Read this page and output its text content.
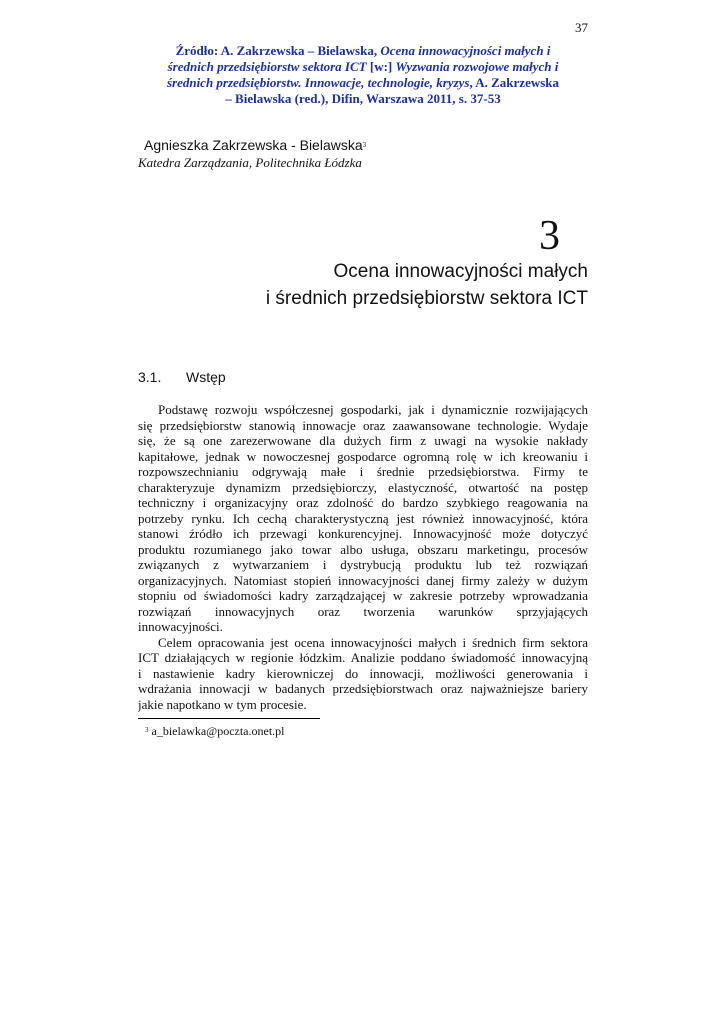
37
Źródło: A. Zakrzewska – Bielawska, Ocena innowacyjności małych i
średnich przedsiębiorstw sektora ICT [w:] Wyzwania rozwojowe małych i
średnich przedsiębiorstw. Innowacje, technologie, kryzys, A. Zakrzewska
– Bielawska (red.), Difin, Warszawa 2011, s. 37-53
Agnieszka Zakrzewska - Bielawska$^3$
Katedra Zarządzania, Politechnika Łódzka
3
Ocena innowacyjności małych
i średnich przedsiębiorstw sektora ICT
3.1. Wstęp
Podstawę rozwoju współczesnej gospodarki, jak i dynamicznie rozwijających
się przedsiębiorstw stanowią innowacje oraz zaawansowane technologie. Wydaje
się, że są one zarezerwowane dla dużych firm z uwagi na wysokie nakłady
kapitałowe, jednak w nowoczesnej gospodarce ogromną rolę w ich kreowaniu i
rozpowszechnianiu odgrywają małe i średnie przedsiębiorstwa. Firmy te
charakteryzuje dynamizm przedsiębiorczy, elastyczność, otwartość na postęp
techniczny i organizacyjny oraz zdolność do bardzo szybkiego reagowania na
potrzeby rynku. Ich cechą charakterystyczną jest również innowacyjność, która
stanowi źródło ich przewagi konkurencyjnej. Innowacyjność może dotyczyć
produktu rozumianego jako towar albo usługa, obszaru marketingu, procesów
związanych z wytwarzaniem i dystrybucją produktu lub też rozwiązań
organizacyjnych. Natomiast stopień innowacyjności danej firmy zależy w dużym
stopniu od świadomości kadry zarządzającej w zakresie potrzeby wprowadzania
rozwiązań innowacyjnych oraz tworzenia warunków sprzyjających
innowacyjności.
Celem opracowania jest ocena innowacyjności małych i średnich firm sektora
ICT działających w regionie łódzkim. Analizie poddano świadomość innowacyjną
i nastawienie kadry kierowniczej do innowacji, możliwości generowania i
wdrażania innowacji w badanych przedsiębiorstwach oraz najważniejsze bariery
jakie napotkano w tym procesie.
$^3$ a_bielawka@poczta.onet.pl
